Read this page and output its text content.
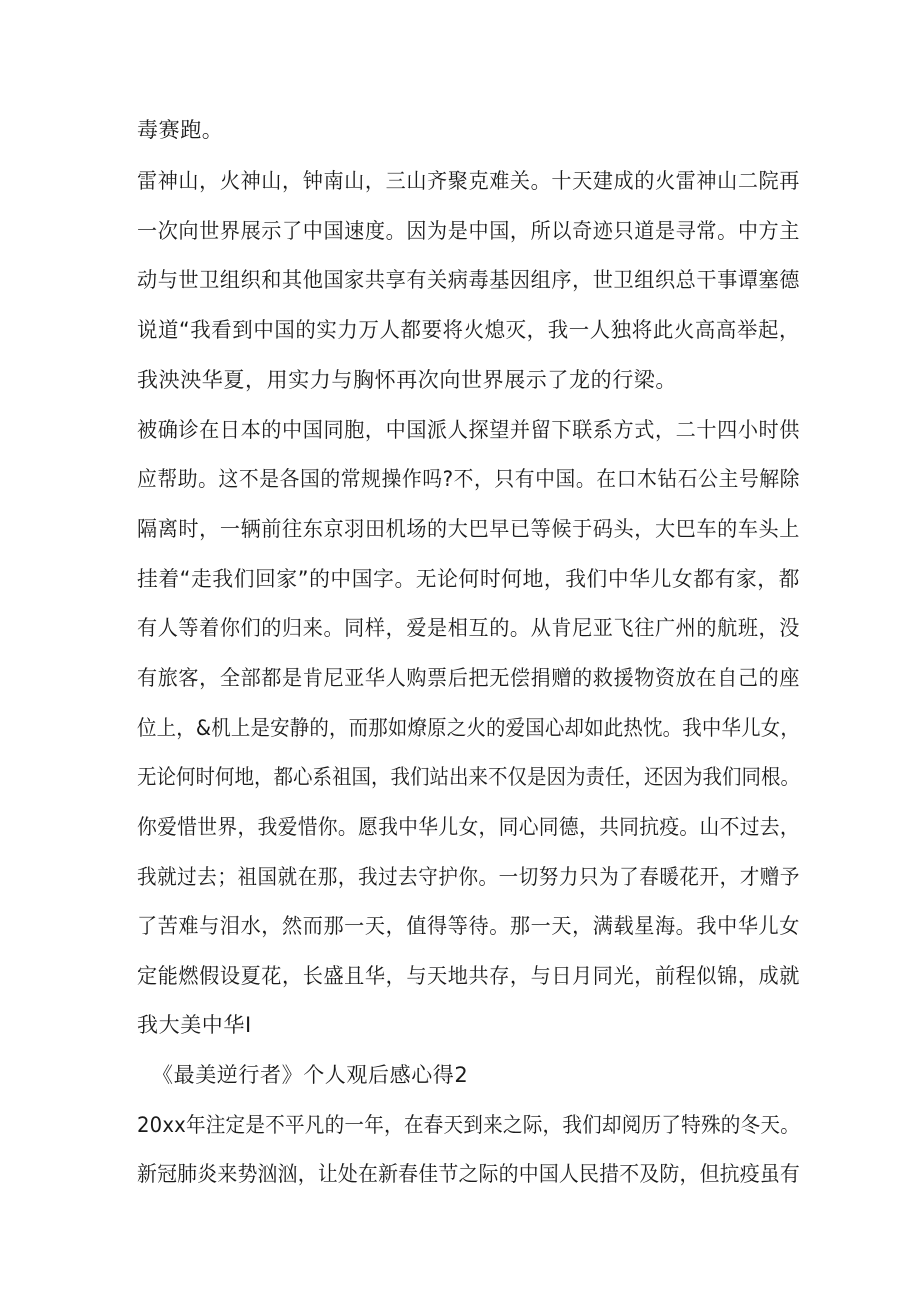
毒赛跑。

雷神山，火神山，钟南山，三山齐聚克难关。十天建成的火雷神山二院再

一次向世界展示了中国速度。因为是中国，所以奇迹只道是寻常。中方主

动与世卫组织和其他国家共享有关病毒基因组序，世卫组织总干事谭塞德

说道“我看到中国的实力万人都要将火熄灭，我一人独将此火高高举起，

我泱泱华夏，用实力与胸怀再次向世界展示了龙的行梁。

被确诊在日本的中国同胞，中国派人探望并留下联系方式，二十四小时供

应帮助。这不是各国的常规操作吗?不，只有中国。在口木钻石公主号解除

隔离时，一辆前往东京羽田机场的大巴早已等候于码头，大巴车的车头上

挂着“走我们回家”的中国字。无论何时何地，我们中华儿女都有家，都

有人等着你们的归来。同样，爱是相互的。从肯尼亚飞往广州的航班，没

有旅客，全部都是肯尼亚华人购票后把无偿捐赠的救援物资放在自己的座

位上，&机上是安静的，而那如燎原之火的爱国心却如此热忱。我中华儿女，

无论何时何地，都心系祖国，我们站出来不仅是因为责任，还因为我们同根。

你爱惜世界，我爱惜你。愿我中华儿女，同心同德，共同抗疫。山不过去，

我就过去；祖国就在那，我过去守护你。一切努力只为了春暖花开，才赠予

了苦难与泪水，然而那一天，值得等待。那一天，满载星海。我中华儿女

定能燃假设夏花，长盛且华，与天地共存，与日月同光，前程似锦，成就

我大美中华I

《最美逆行者》个人观后感心得2

20xx年注定是不平凡的一年，在春天到来之际，我们却阅历了特殊的冬天。

新冠肺炎来势汹汹，让处在新春佳节之际的中国人民措不及防，但抗疫虽有
